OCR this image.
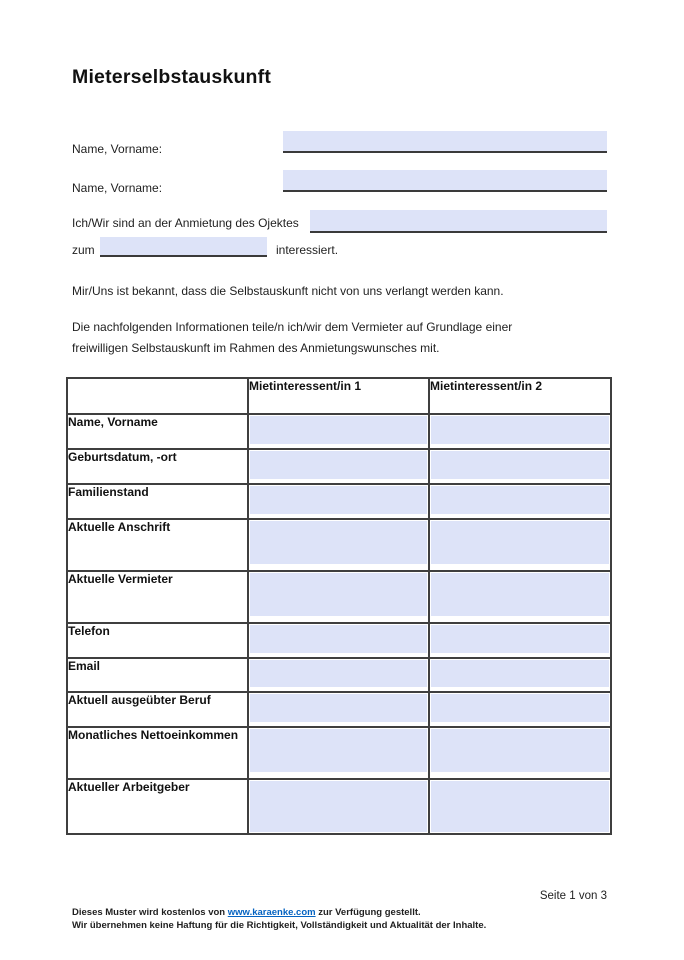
Mieterselbstauskunft
Name, Vorname:
Name, Vorname:
Ich/Wir sind an der Anmietung des Ojektes
zum	interessiert.
Mir/Uns ist bekannt, dass die Selbstauskunft nicht von uns verlangt werden kann.
Die nachfolgenden Informationen teile/n ich/wir dem Vermieter auf Grundlage einer
freiwilligen Selbstauskunft im Rahmen des Anmietungswunsches mit.
	Mietinteressent/in 1	Mietinteressent/in 2
Name, Vorname	

Geburtsdatum, -ort	

Familienstand	

Aktuelle Anschrift	

Aktuelle Vermieter	

Telefon	

Email	

Aktuell ausgeübter Beruf	

Monatliches Nettoeinkommen	

Aktueller Arbeitgeber	

Seite 1 von 3
Dieses Muster wird kostenlos von www.karaenke.com zur Verfügung gestellt.
Wir übernehmen keine Haftung für die Richtigkeit, Vollständigkeit und Aktualität der Inhalte.
